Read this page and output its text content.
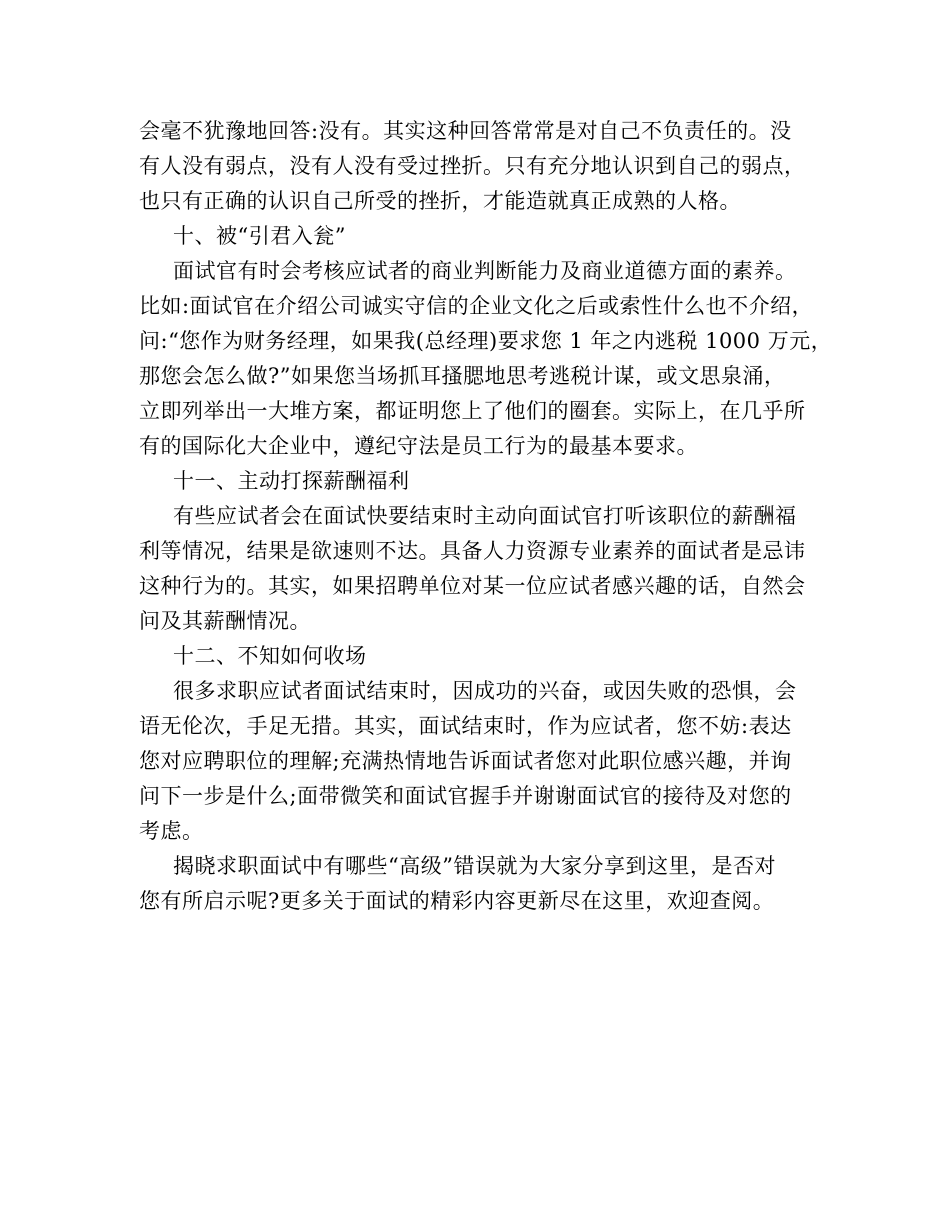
会毫不犹豫地回答:没有。其实这种回答常常是对自己不负责任的。没
有人没有弱点，没有人没有受过挫折。只有充分地认识到自己的弱点，
也只有正确的认识自己所受的挫折，才能造就真正成熟的人格。
十、被“引君入瓮”
面试官有时会考核应试者的商业判断能力及商业道德方面的素养。
比如:面试官在介绍公司诚实守信的企业文化之后或索性什么也不介绍，
问:“您作为财务经理，如果我(总经理)要求您 1 年之内逃税 1000 万元，
那您会怎么做?”如果您当场抓耳搔腮地思考逃税计谋，或文思泉涌，
立即列举出一大堆方案，都证明您上了他们的圈套。实际上，在几乎所
有的国际化大企业中，遵纪守法是员工行为的最基本要求。
十一、主动打探薪酬福利
有些应试者会在面试快要结束时主动向面试官打听该职位的薪酬福
利等情况，结果是欲速则不达。具备人力资源专业素养的面试者是忌讳
这种行为的。其实，如果招聘单位对某一位应试者感兴趣的话，自然会
问及其薪酬情况。
十二、不知如何收场
很多求职应试者面试结束时，因成功的兴奋，或因失败的恐惧，会
语无伦次，手足无措。其实，面试结束时，作为应试者，您不妨:表达
您对应聘职位的理解;充满热情地告诉面试者您对此职位感兴趣，并询
问下一步是什么;面带微笑和面试官握手并谢谢面试官的接待及对您的
考虑。
揭晓求职面试中有哪些“高级”错误就为大家分享到这里，是否对
您有所启示呢?更多关于面试的精彩内容更新尽在这里，欢迎查阅。
